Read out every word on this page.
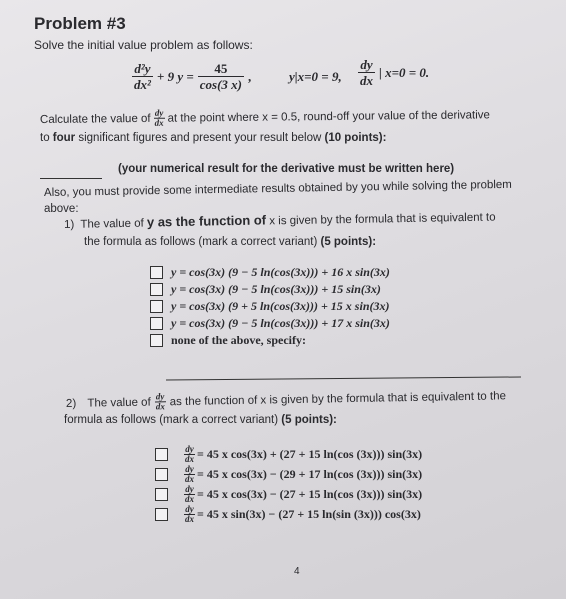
Problem #3
Solve the initial value problem as follows:
$\frac{\text{d²y}}{\text{dx²}} + 9$ $y = \frac{45}{\cos(3 x)}$ ,	y|x=0 = 9, $\frac{dy}{dx}$ | x=0 = 0.
Calculate the value of $\frac{dy}{dx}$ at the point where x = 0.5, round-off your value of the derivative
to four significant figures and present your result below (10 points):
(your numerical result for the derivative must be written here)
Also, you must provide some intermediate results obtained by you while solving the problem
above:
1) The value of y as the function of x is given by the formula that is equivalent to
the formula as follows (mark a correct variant) (5 points):
y = cos(3x) (9 − 5 ln(cos(3x))) + 16 x sin(3x)
y = cos(3x) (9 − 5 ln(cos(3x))) + 15 sin(3x)
y = cos(3x) (9 + 5 ln(cos(3x))) + 15 x sin(3x)
y = cos(3x) (9 − 5 ln(cos(3x))) + 17 x sin(3x)
none of the above, specify:
2)
The value of $\frac{dy}{dx}$ as the function of x is given by the formula that is equivalent to the
formula as follows (mark a correct variant) (5 points):
$\frac{dy}{dx} = 45$ x cos(3x) + (27 + 15 ln(cos (3x))) sin(3x)
$\frac{dy}{dx} = 45$ x cos(3x) − (29 + 17 ln(cos (3x))) sin(3x)
$\frac{dy}{dx} = 45$ x cos(3x) − (27 + 15 ln(cos (3x))) sin(3x)
$\frac{dy}{dx} = 45$ x sin(3x) − (27 + 15 ln(sin (3x))) cos(3x)
4
